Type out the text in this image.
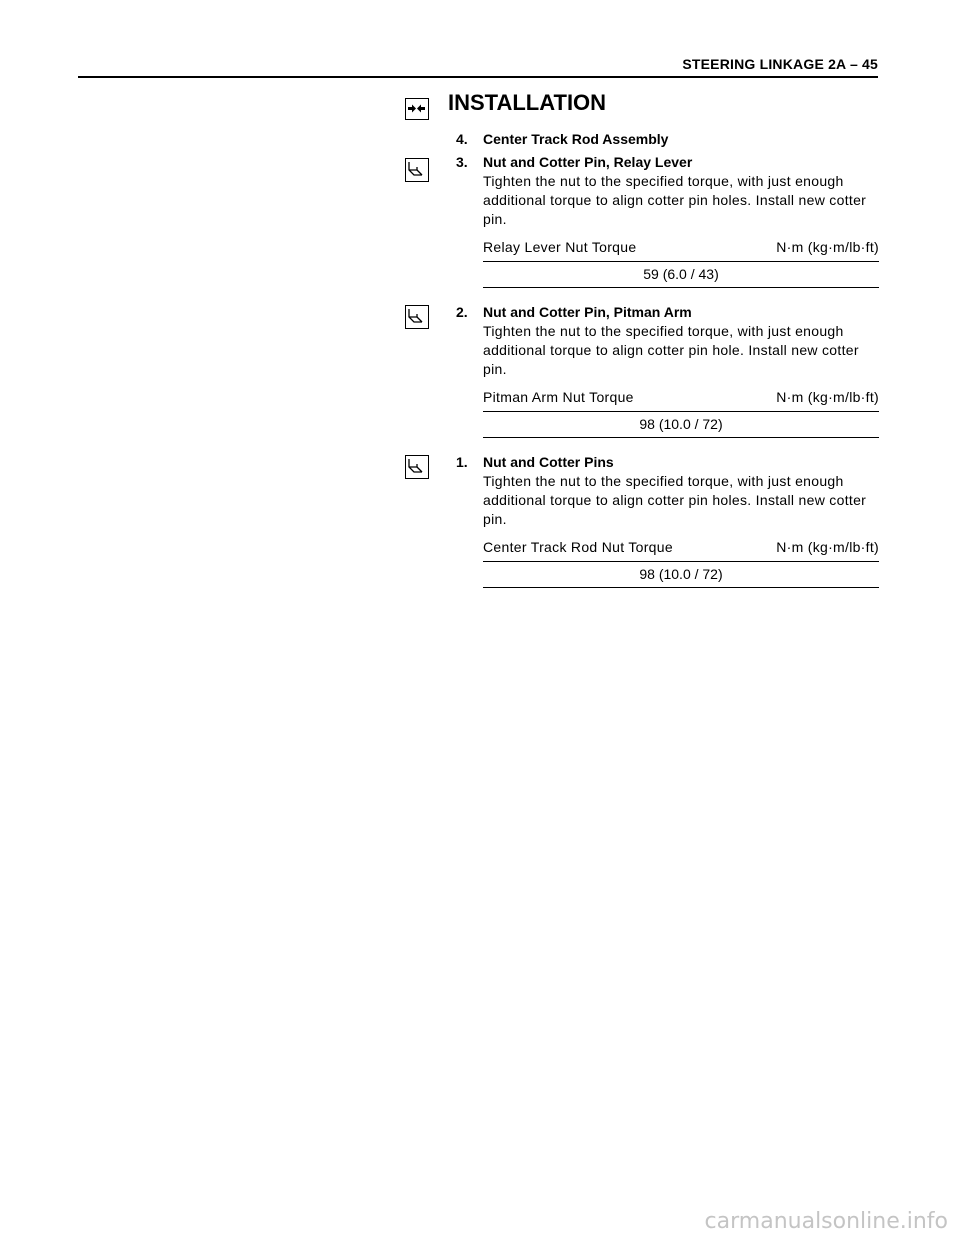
STEERING LINKAGE 2A – 45
INSTALLATION
4. Center Track Rod Assembly
3. Nut and Cotter Pin, Relay Lever
Tighten the nut to the specified torque, with just enough additional torque to align cotter pin holes. Install new cotter pin.
Relay Lever Nut Torque	N·m (kg·m/lb·ft)
59 (6.0 / 43)
2. Nut and Cotter Pin, Pitman Arm
Tighten the nut to the specified torque, with just enough additional torque to align cotter pin hole. Install new cotter pin.
Pitman Arm Nut Torque	N·m (kg·m/lb·ft)
98 (10.0 / 72)
1. Nut and Cotter Pins
Tighten the nut to the specified torque, with just enough additional torque to align cotter pin holes. Install new cotter pin.
Center Track Rod Nut Torque	N·m (kg·m/lb·ft)
98 (10.0 / 72)
carmanualsonline.info
